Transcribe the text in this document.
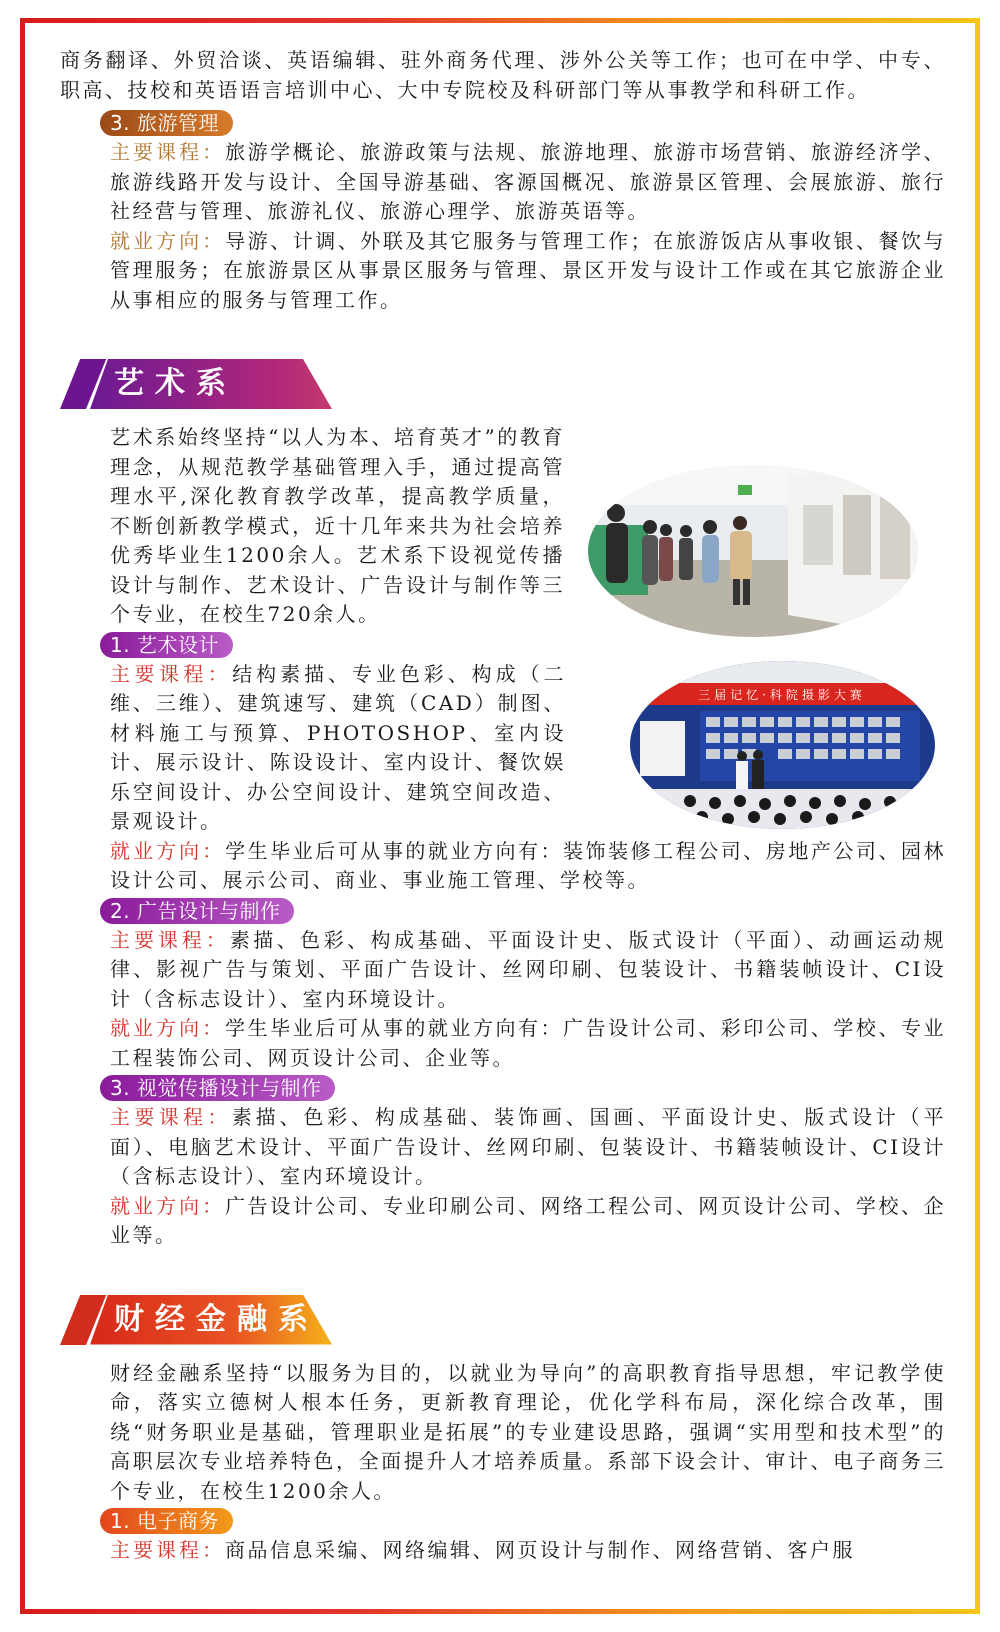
商务翻译、外贸洽谈、英语编辑、驻外商务代理、涉外公关等工作；也可在中学、中专、职高、技校和英语语言培训中心、大中专院校及科研部门等从事教学和科研工作。

3. 旅游管理

主要课程：旅游学概论、旅游政策与法规、旅游地理、旅游市场营销、旅游经济学、旅游线路开发与设计、全国导游基础、客源国概况、旅游景区管理、会展旅游、旅行社经营与管理、旅游礼仪、旅游心理学、旅游英语等。

就业方向：导游、计调、外联及其它服务与管理工作；在旅游饭店从事收银、餐饮与管理服务；在旅游景区从事景区服务与管理、景区开发与设计工作或在其它旅游企业从事相应的服务与管理工作。

艺术系

艺术系始终坚持“以人为本、培育英才”的教育理念，从规范教学基础管理入手，通过提高管理水平,深化教育教学改革，提高教学质量，不断创新教学模式，近十几年来共为社会培养优秀毕业生1200余人。艺术系下设视觉传播设计与制作、艺术设计、广告设计与制作等三个专业，在校生720余人。

三届记忆·科院摄影大赛
1. 艺术设计

主要课程：结构素描、专业色彩、构成（二维、三维）、建筑速写、建筑（CAD）制图、材料施工与预算、PHOTOSHOP、室内设计、展示设计、陈设设计、室内设计、餐饮娱乐空间设计、办公空间设计、建筑空间改造、景观设计。

就业方向：学生毕业后可从事的就业方向有：装饰装修工程公司、房地产公司、园林设计公司、展示公司、商业、事业施工管理、学校等。

2. 广告设计与制作

主要课程：素描、色彩、构成基础、平面设计史、版式设计（平面）、动画运动规律、影视广告与策划、平面广告设计、丝网印刷、包装设计、书籍装帧设计、CI设计（含标志设计）、室内环境设计。

就业方向：学生毕业后可从事的就业方向有：广告设计公司、彩印公司、学校、专业工程装饰公司、网页设计公司、企业等。

3. 视觉传播设计与制作

主要课程：素描、色彩、构成基础、装饰画、国画、平面设计史、版式设计（平面）、电脑艺术设计、平面广告设计、丝网印刷、包装设计、书籍装帧设计、CI设计（含标志设计）、室内环境设计。

就业方向：广告设计公司、专业印刷公司、网络工程公司、网页设计公司、学校、企业等。

财经金融系

财经金融系坚持“以服务为目的，以就业为导向”的高职教育指导思想，牢记教学使命，落实立德树人根本任务，更新教育理论，优化学科布局，深化综合改革，围绕“财务职业是基础，管理职业是拓展”的专业建设思路，强调“实用型和技术型”的高职层次专业培养特色，全面提升人才培养质量。系部下设会计、审计、电子商务三个专业，在校生1200余人。

1. 电子商务

主要课程：商品信息采编、网络编辑、网页设计与制作、网络营销、客户服
